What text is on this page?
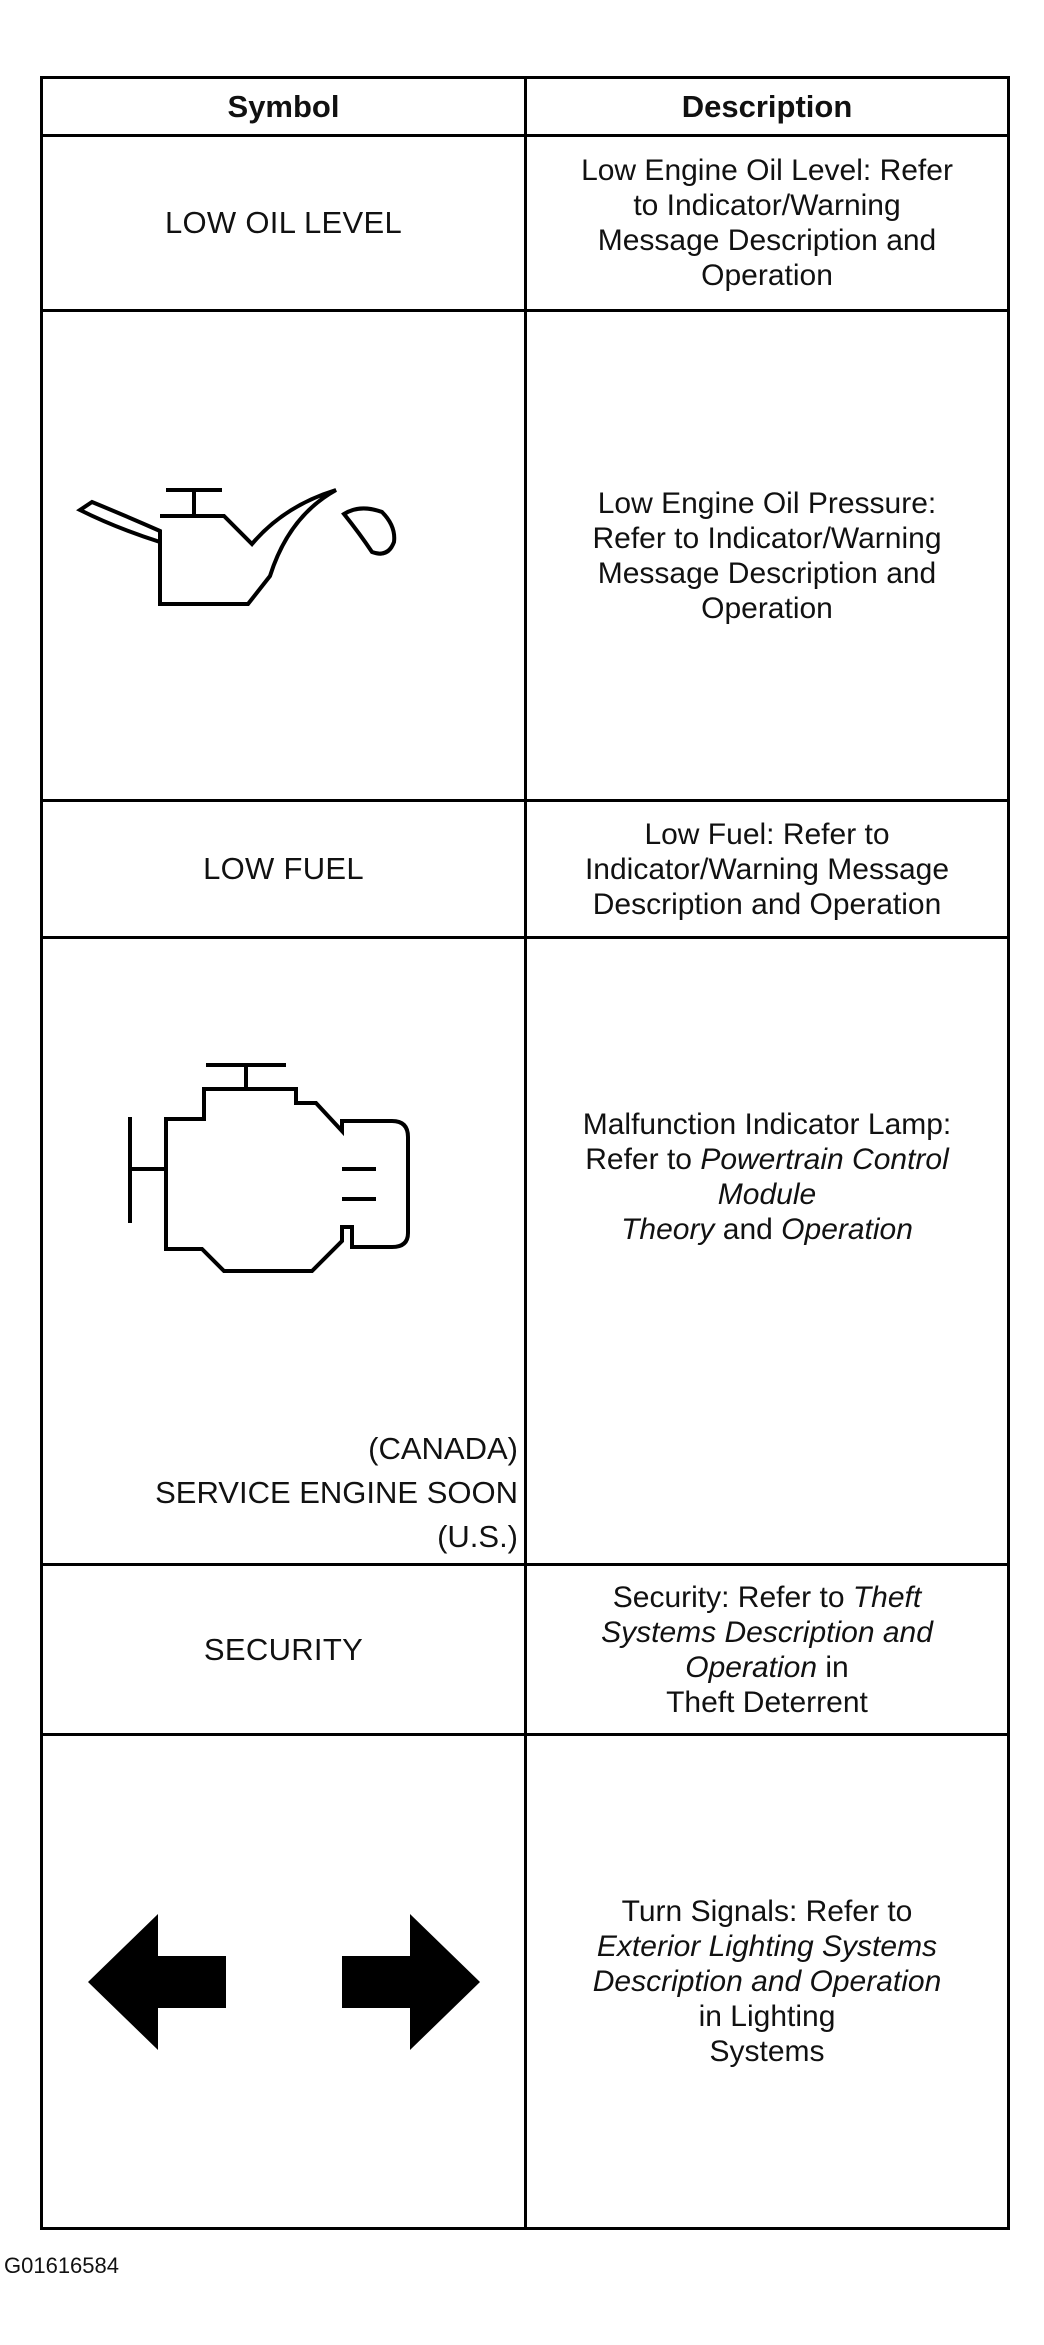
Symbol	Description
LOW OIL LEVEL
Low Engine Oil Level: Refer
to Indicator/Warning
Message Description and
Operation
Low Engine Oil Pressure:
Refer to Indicator/Warning
Message Description and
Operation
LOW FUEL
Low Fuel: Refer to
Indicator/Warning Message
Description and Operation
(CANADA)
SERVICE ENGINE SOON
(U.S.)
Malfunction Indicator Lamp:
Refer to Powertrain Control
Module
Theory and Operation
SECURITY
Security: Refer to Theft
Systems Description and
Operation in
Theft Deterrent
Turn Signals: Refer to
Exterior Lighting Systems
Description and Operation
in Lighting
Systems
G01616584
